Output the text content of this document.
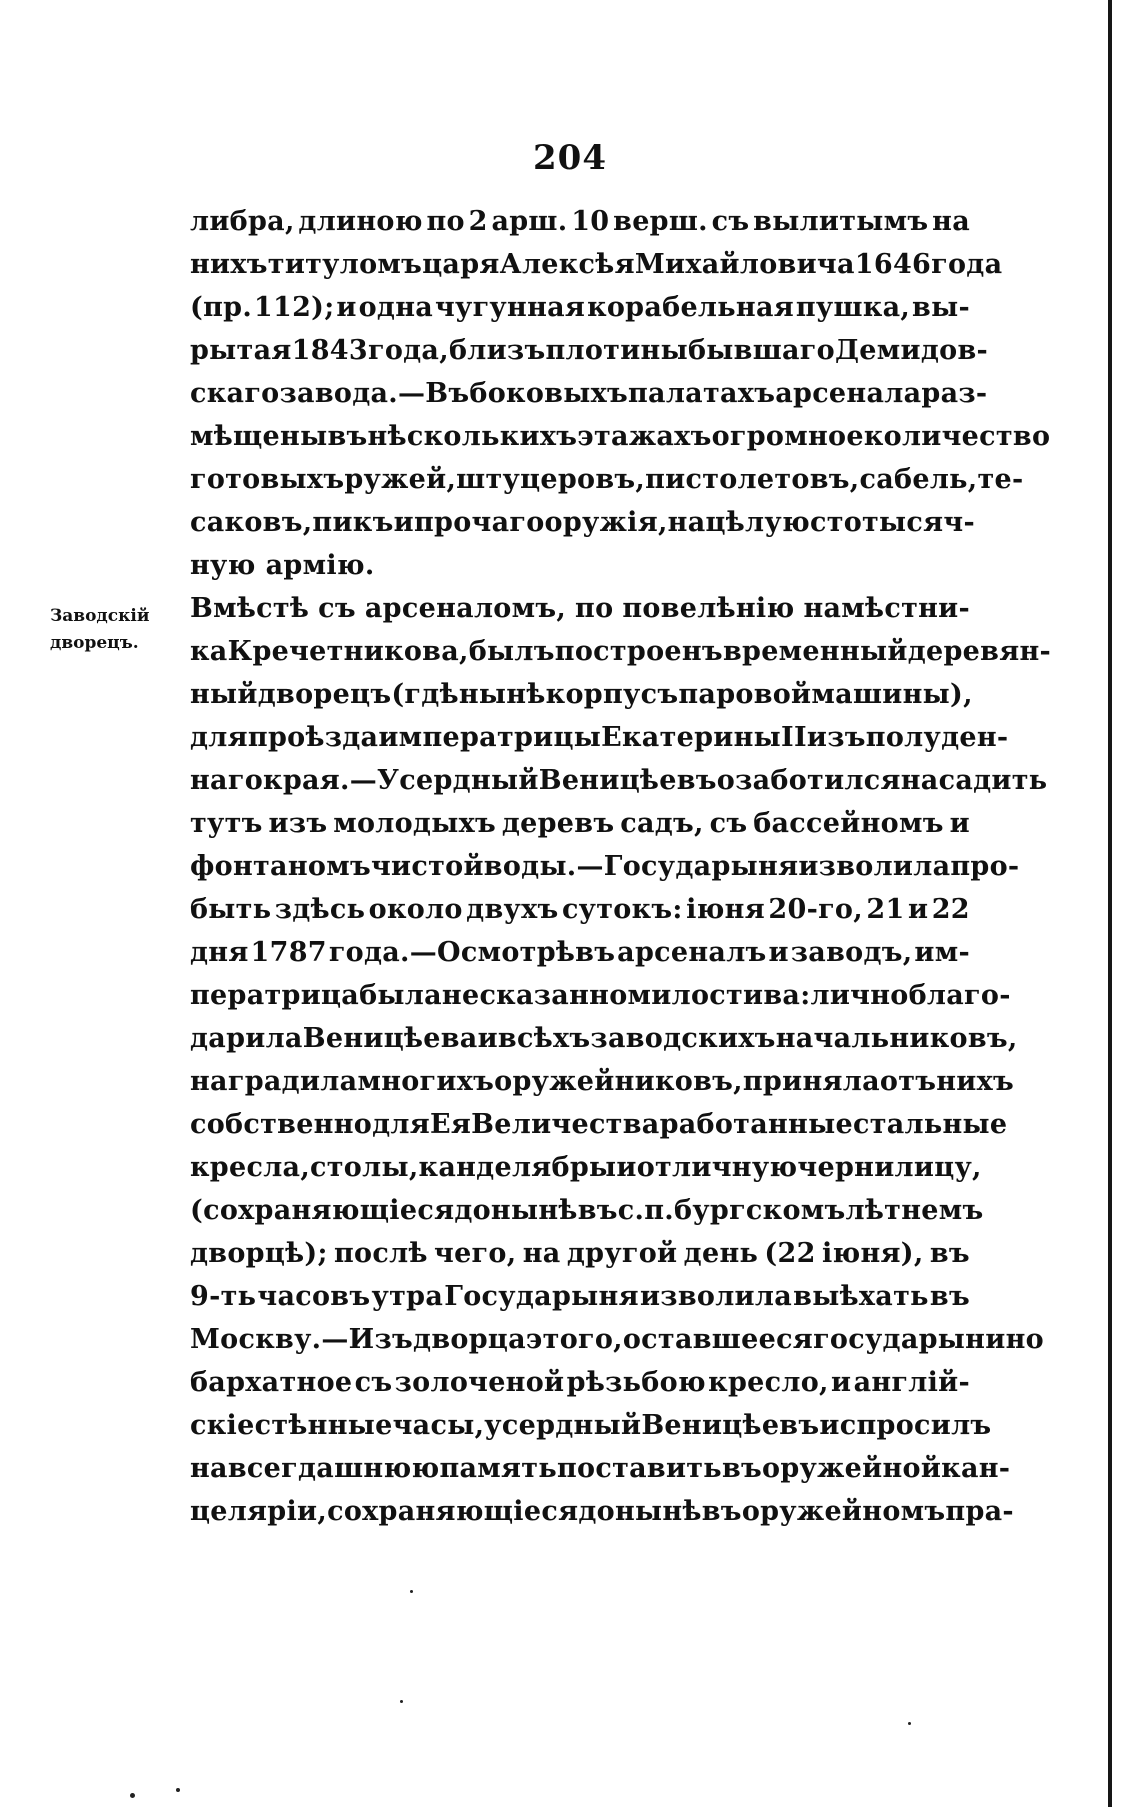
204
Заводскій
дворецъ.
либра, длиною по 2 арш. 10 верш. съ вылитымъ на
нихъ титуломъ царя Алексѣя Михайловича 1646 года
(пр. 112); и одна чугунная корабельная пушка, вы-
рытая 1843 года, близъ плотины бывшаго Демидов-
скаго завода.—Въ боковыхъ палатахъ арсенала раз-
мѣщены въ нѣсколькихъ этажахъ огромное количество
готовыхъ ружей, штуцеровъ, пистолетовъ, сабель, те-
саковъ, пикъ и прочаго оружія, на цѣлую стотысяч-
ную армію.
Вмѣстѣ съ арсеналомъ, по повелѣнію намѣстни-
ка Кречетникова, былъ построенъ временный деревян-
ный дворецъ (гдѣ нынѣ корпусъ паровой машины),
для проѣзда императрицы Екатерины II изъ полуден-
наго края.—Усердный Веницѣевъ озаботился насадить
тутъ изъ молодыхъ деревъ садъ, съ бассейномъ и
фонтаномъ чистой воды.—Государыня изволила про-
быть здѣсь около двухъ сутокъ: іюня 20-го, 21 и 22
дня 1787 года.—Осмотрѣвъ арсеналъ и заводъ, им-
ператрица была несказанно милостива: лично благо-
дарила Веницѣева и всѣхъ заводскихъ начальниковъ,
наградила многихъ оружейниковъ, приняла отъ нихъ
собственно для Ея Величества работанные стальные
кресла, столы, канделябры и отличную чернилицу,
(сохраняющіеся донынѣ въ с. п. бургскомъ лѣтнемъ
дворцѣ); послѣ чего, на другой день (22 іюня), въ
9-ть часовъ утра Государыня изволила выѣхать въ
Москву.—Изъ дворца этого, оставшееся государынино
бархатное съ золоченой рѣзьбою кресло, и англій-
скіе стѣнные часы, усердный Веницѣевъ испросилъ
на всегдашнюю память поставить въ оружейной кан-
целяріи, сохраняющіеся донынѣ въ оружейномъ пра-
